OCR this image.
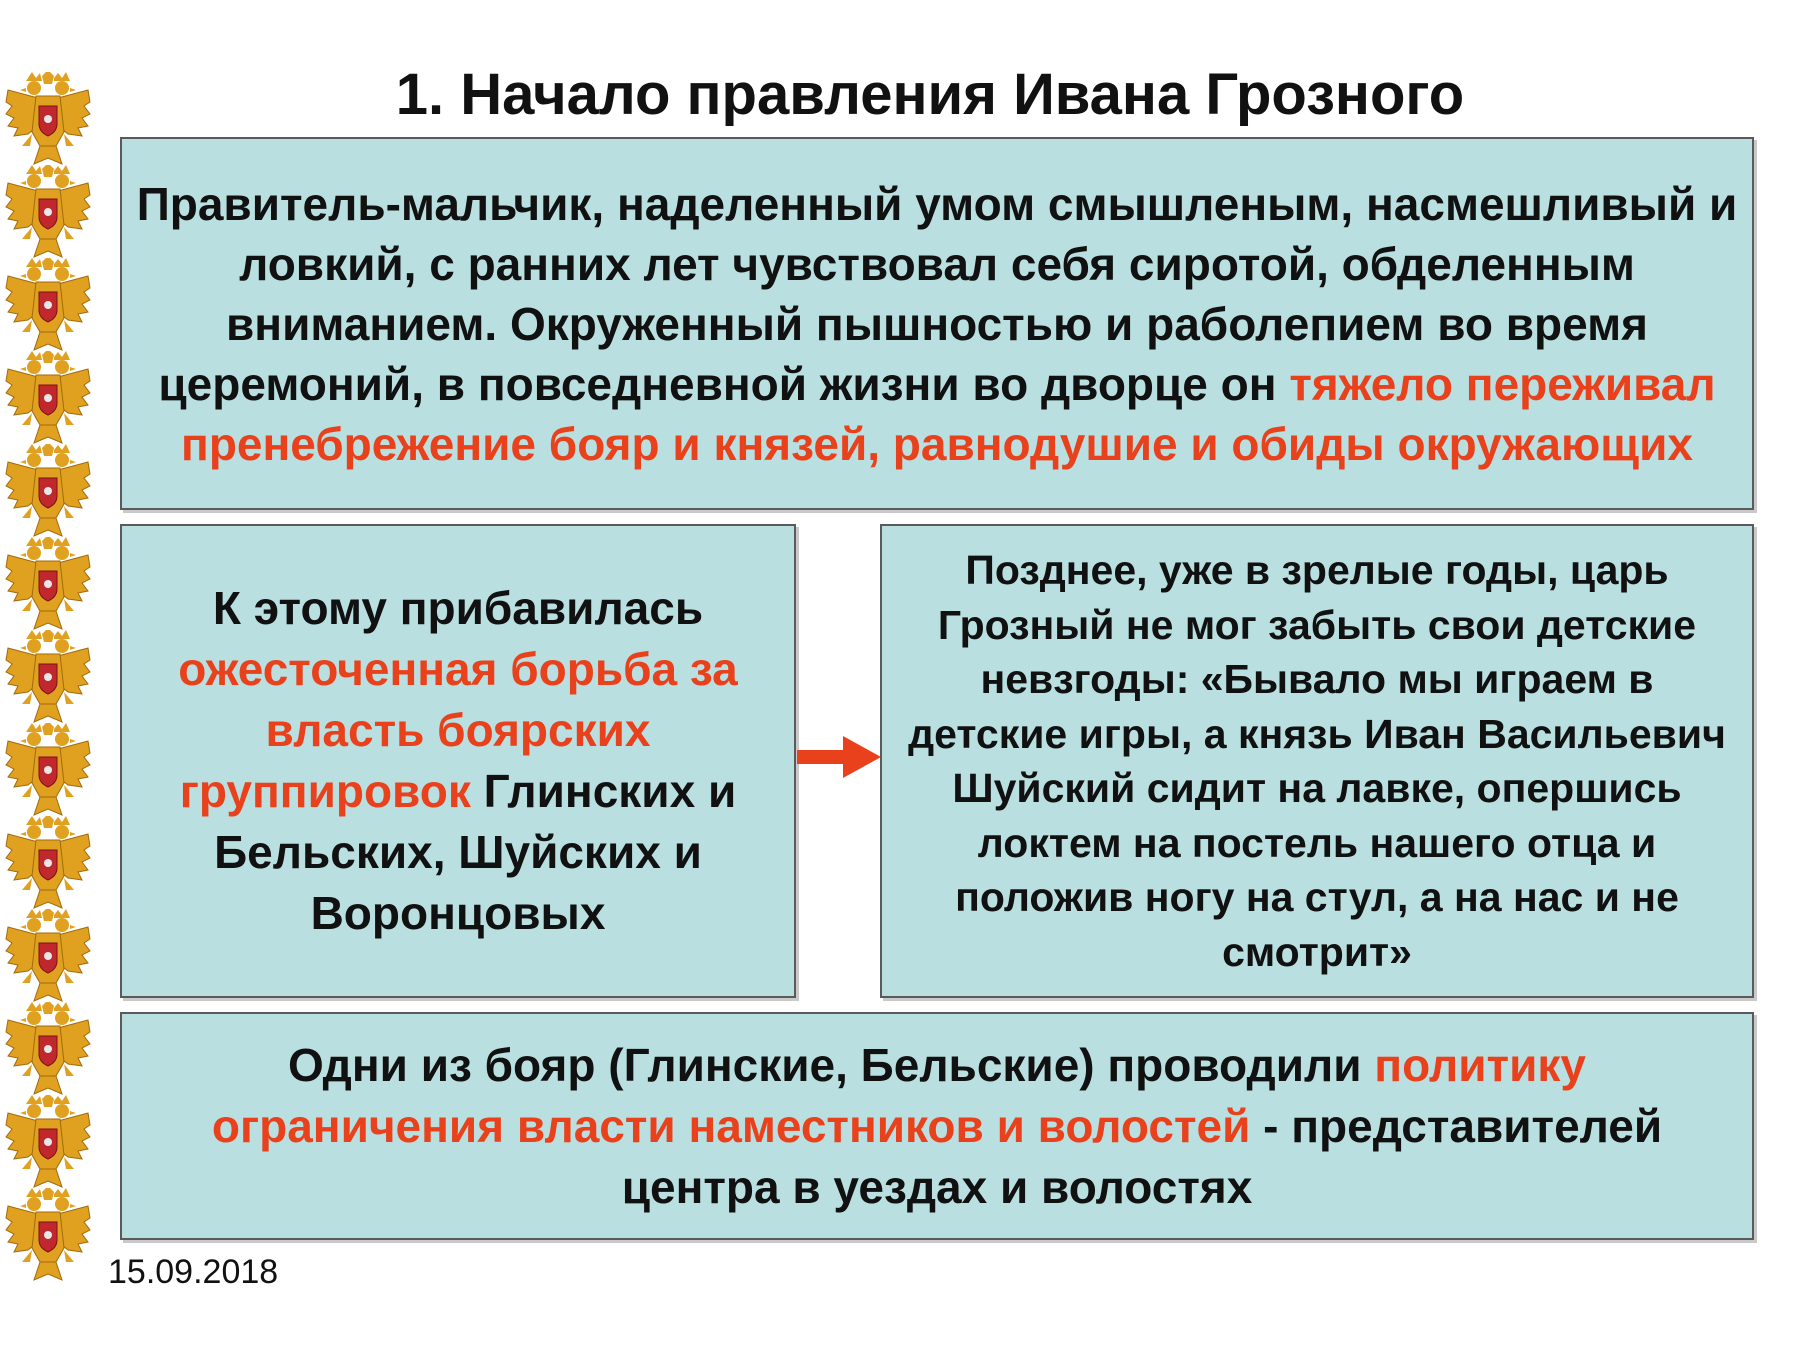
1. Начало правления Ивана Грозного

Правитель-мальчик, наделенный умом смышленым, насмешливый и ловкий, с ранних лет чувствовал себя сиротой, обделенным вниманием. Окруженный пышностью и раболепием во время церемоний, в повседневной жизни во дворце он тяжело переживал пренебрежение бояр и князей, равнодушие и обиды окружающих

К этому прибавилась ожесточенная борьба за власть боярских группировок Глинских и Бельских, Шуйских и Воронцовых

Позднее, уже в зрелые годы, царь Грозный не мог забыть свои детские невзгоды: «Бывало мы играем в детские игры, а князь Иван Васильевич Шуйский сидит на лавке, опершись локтем на постель нашего отца и положив ногу на стул, а на нас и не смотрит»

Одни из бояр (Глинские, Бельские) проводили политику ограничения власти наместников и волостей - представителей центра в уездах и волостях

15.09.2018
